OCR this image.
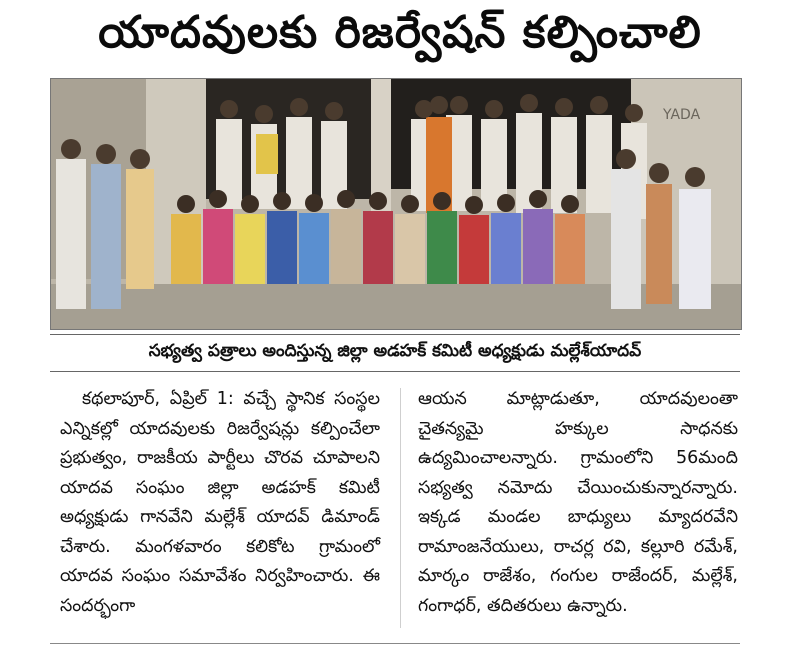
యాదవులకు రిజర్వేషన్ కల్పించాలి
YADA
సభ్యత్వ పత్రాలు అందిస్తున్న జిల్లా అడహక్ కమిటీ అధ్యక్షుడు మల్లేశ్‌యాదవ్

కథలాపూర్, ఏప్రిల్ 1: వచ్చే స్థానిక సంస్థల ఎన్నికల్లో యాదవులకు రిజర్వేషన్లు కల్పించేలా ప్రభుత్వం, రాజకీయ పార్టీలు చొరవ చూపాలని యాదవ సంఘం జిల్లా అడహక్ కమిటీ అధ్యక్షుడు గానవేని మల్లేశ్ యాదవ్ డిమాండ్ చేశారు. మంగళవారం కలికోట గ్రామంలో యాదవ సంఘం సమావేశం నిర్వహించారు. ఈ సందర్భంగా

ఆయన మాట్లాడుతూ, యాదవులంతా చైతన్యమై హక్కుల సాధనకు ఉద్యమించాలన్నారు. గ్రామంలోని 56మంది సభ్యత్వ నమోదు చేయించుకున్నారన్నారు. ఇక్కడ మండల బాధ్యులు మ్యాదరవేని రామాంజనేయులు, రాచర్ల రవి, కల్లూరి రమేశ్, మార్కం రాజేశం, గంగుల రాజేందర్, మల్లేశ్, గంగాధర్, తదితరులు ఉన్నారు.
